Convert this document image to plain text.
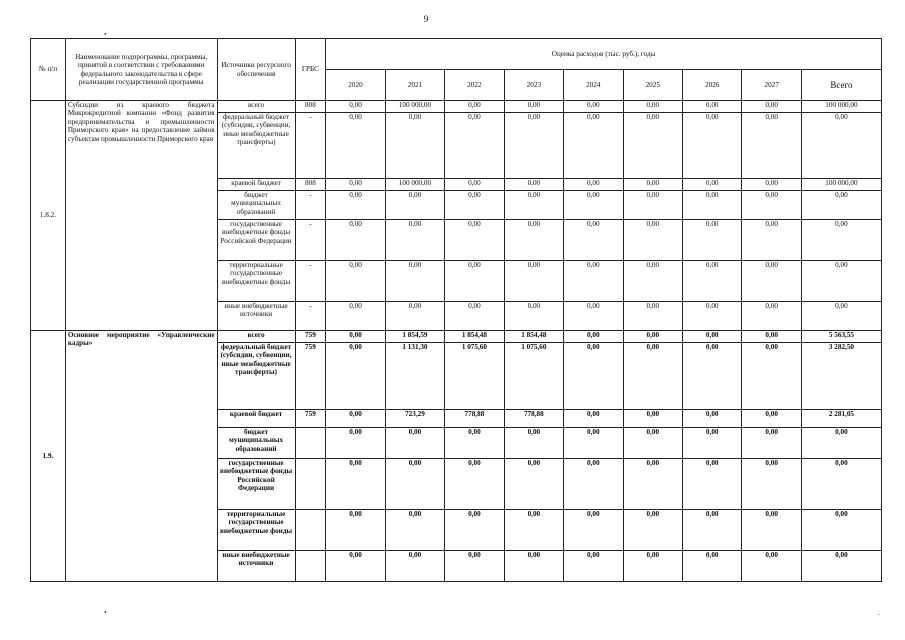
9
•
•	.
№ п/п	Наименование подпрограммы, программы, принятой в соответствии с требованиями федерального законодательства в сфере реализации государственной программы	Источники ресурсного обеспечения	ГРБС	Оценка расходов (тыс. руб.), годы								
				2020	2021	2022	2023	2024	2025	2026	2027	Всего
1.8.2.	Субсидии из краевого бюджета Микрокредитной компании «Фонд развития предпринимательства и промышленности Приморского края» на предоставление займов субъектам промышленности Приморского края	всего	808	0,00	100 000,00	0,00	0,00	0,00	0,00	0,00	0,00	100 000,00
		федеральный бюджет (субсидии, субвенции, иные межбюджетные трансферты)	-	0,00	0,00	0,00	0,00	0,00	0,00	0,00	0,00	0,00
		краевой бюджет	808	0,00	100 000,00	0,00	0,00	0,00	0,00	0,00	0,00	100 000,00
		бюджет муниципальных образований	-	0,00	0,00	0,00	0,00	0,00	0,00	0,00	0,00	0,00
		государственные внебюджетные фонды Российской Федерации	-	0,00	0,00	0,00	0,00	0,00	0,00	0,00	0,00	0,00
		территориальные государственные внебюджетные фонды	-	0,00	0,00	0,00	0,00	0,00	0,00	0,00	0,00	0,00
		иные внебюджетные источники	-	0,00	0,00	0,00	0,00	0,00	0,00	0,00	0,00	0,00
1.9.	Основное мероприятие «Управленческие кадры»	всего	759	0,00	1 854,59	1 854,48	1 854,48	0,00	0,00	0,00	0,00	5 563,55
		федеральный бюджет (субсидии, субвенции, иные межбюджетные трансферты)	759	0,00	1 131,30	1 075,60	1 075,60	0,00	0,00	0,00	0,00	3 282,50
		краевой бюджет	759	0,00	723,29	778,88	778,88	0,00	0,00	0,00	0,00	2 281,05
		бюджет муниципальных образований		0,00	0,00	0,00	0,00	0,00	0,00	0,00	0,00	0,00
		государственные внебюджетные фонды Российской Федерации		0,00	0,00	0,00	0,00	0,00	0,00	0,00	0,00	0,00
		территориальные государственные внебюджетные фонды		0,00	0,00	0,00	0,00	0,00	0,00	0,00	0,00	0,00
		иные внебюджетные источники		0,00	0,00	0,00	0,00	0,00	0,00	0,00	0,00	0,00
